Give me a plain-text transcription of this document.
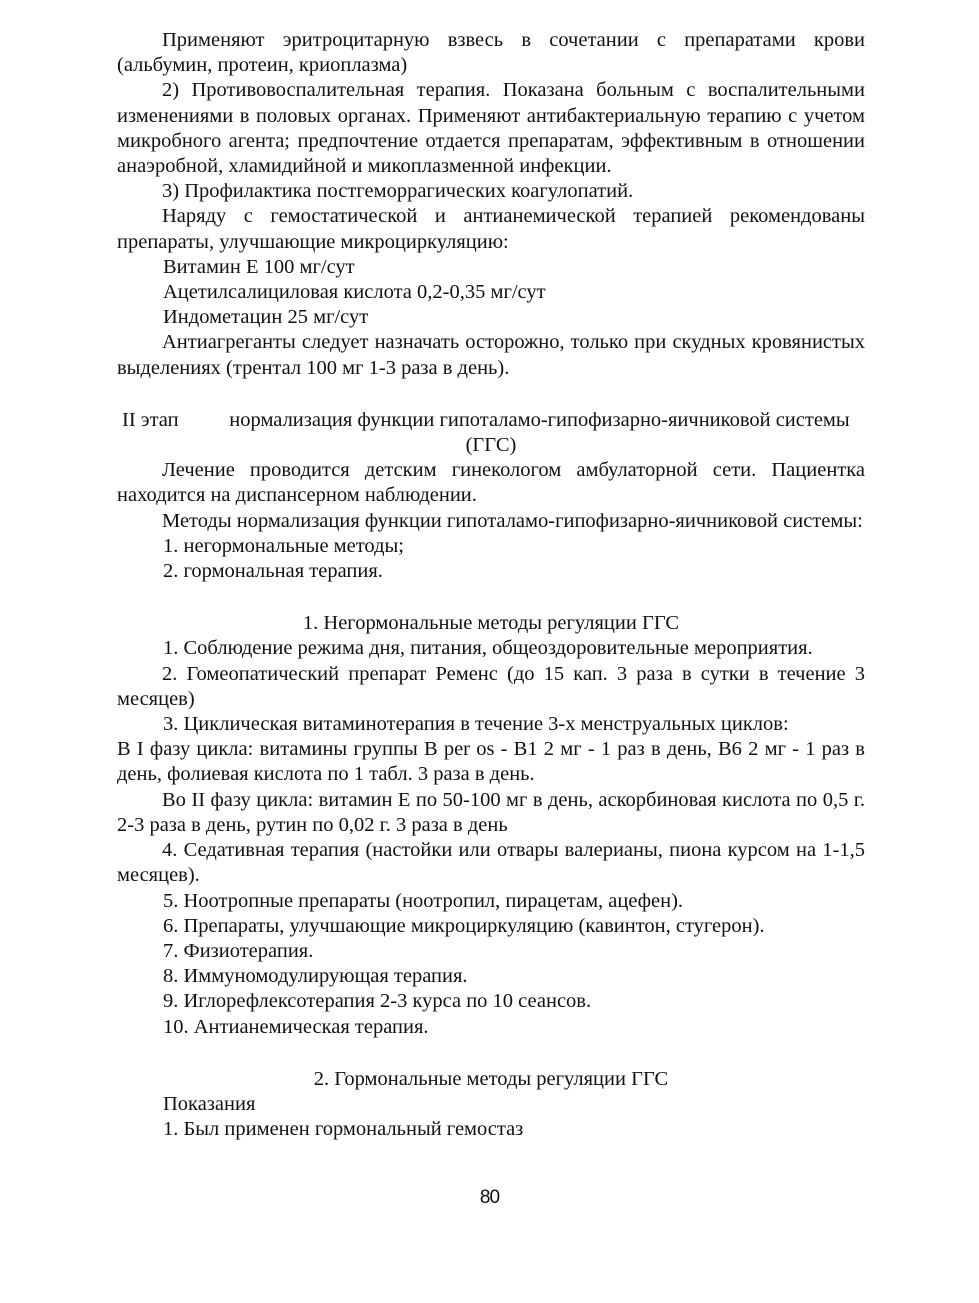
Применяют эритроцитарную взвесь в сочетании с препаратами крови (альбумин, протеин, криоплазма)

2) Противовоспалительная терапия. Показана больным с воспалительными изменениями в половых органах. Применяют антибактериальную терапию с учетом микробного агента; предпочтение отдается препаратам, эффективным в отношении анаэробной, хламидийной и микоплазменной инфекции.

3) Профилактика постгеморрагических коагулопатий.

Наряду с гемостатической и антианемической терапией рекомендованы препараты, улучшающие микроциркуляцию:

Витамин Е 100 мг/сут

Ацетилсалициловая кислота 0,2-0,35 мг/сут

Индометацин 25 мг/сут

Антиагреганты следует назначать осторожно, только при скудных кровянистых выделениях (трентал 100 мг 1-3 раза в день).

II этап	нормализация функции гипоталамо-гипофизарно-яичниковой системы

(ГГС)

Лечение проводится детским гинекологом амбулаторной сети. Пациентка находится на диспансерном наблюдении.

Методы нормализация функции гипоталамо-гипофизарно-яичниковой системы:

1. негормональные методы;

2. гормональная терапия.

1. Негормональные методы регуляции ГГС

1. Соблюдение режима дня, питания, общеоздоровительные мероприятия.

2. Гомеопатический препарат Ременс (до 15 кап. 3 раза в сутки в течение 3 месяцев)

3. Циклическая витаминотерапия в течение 3-х менструальных циклов:

В I фазу цикла: витамины группы В per os - В1 2 мг - 1 раз в день, В6 2 мг - 1 раз в день, фолиевая кислота по 1 табл. 3 раза в день.

Во II фазу цикла: витамин Е по 50-100 мг в день, аскорбиновая кислота по 0,5 г. 2-3 раза в день, рутин по 0,02 г. 3 раза в день

4. Седативная терапия (настойки или отвары валерианы, пиона курсом на 1-1,5 месяцев).

5. Ноотропные препараты (ноотропил, пирацетам, ацефен).

6. Препараты, улучшающие микроциркуляцию (кавинтон, стугерон).

7. Физиотерапия.

8. Иммуномодулирующая терапия.

9. Иглорефлексотерапия 2-3 курса по 10 сеансов.

10. Антианемическая терапия.

2. Гормональные методы регуляции ГГС

Показания

1. Был применен гормональный гемостаз

80
